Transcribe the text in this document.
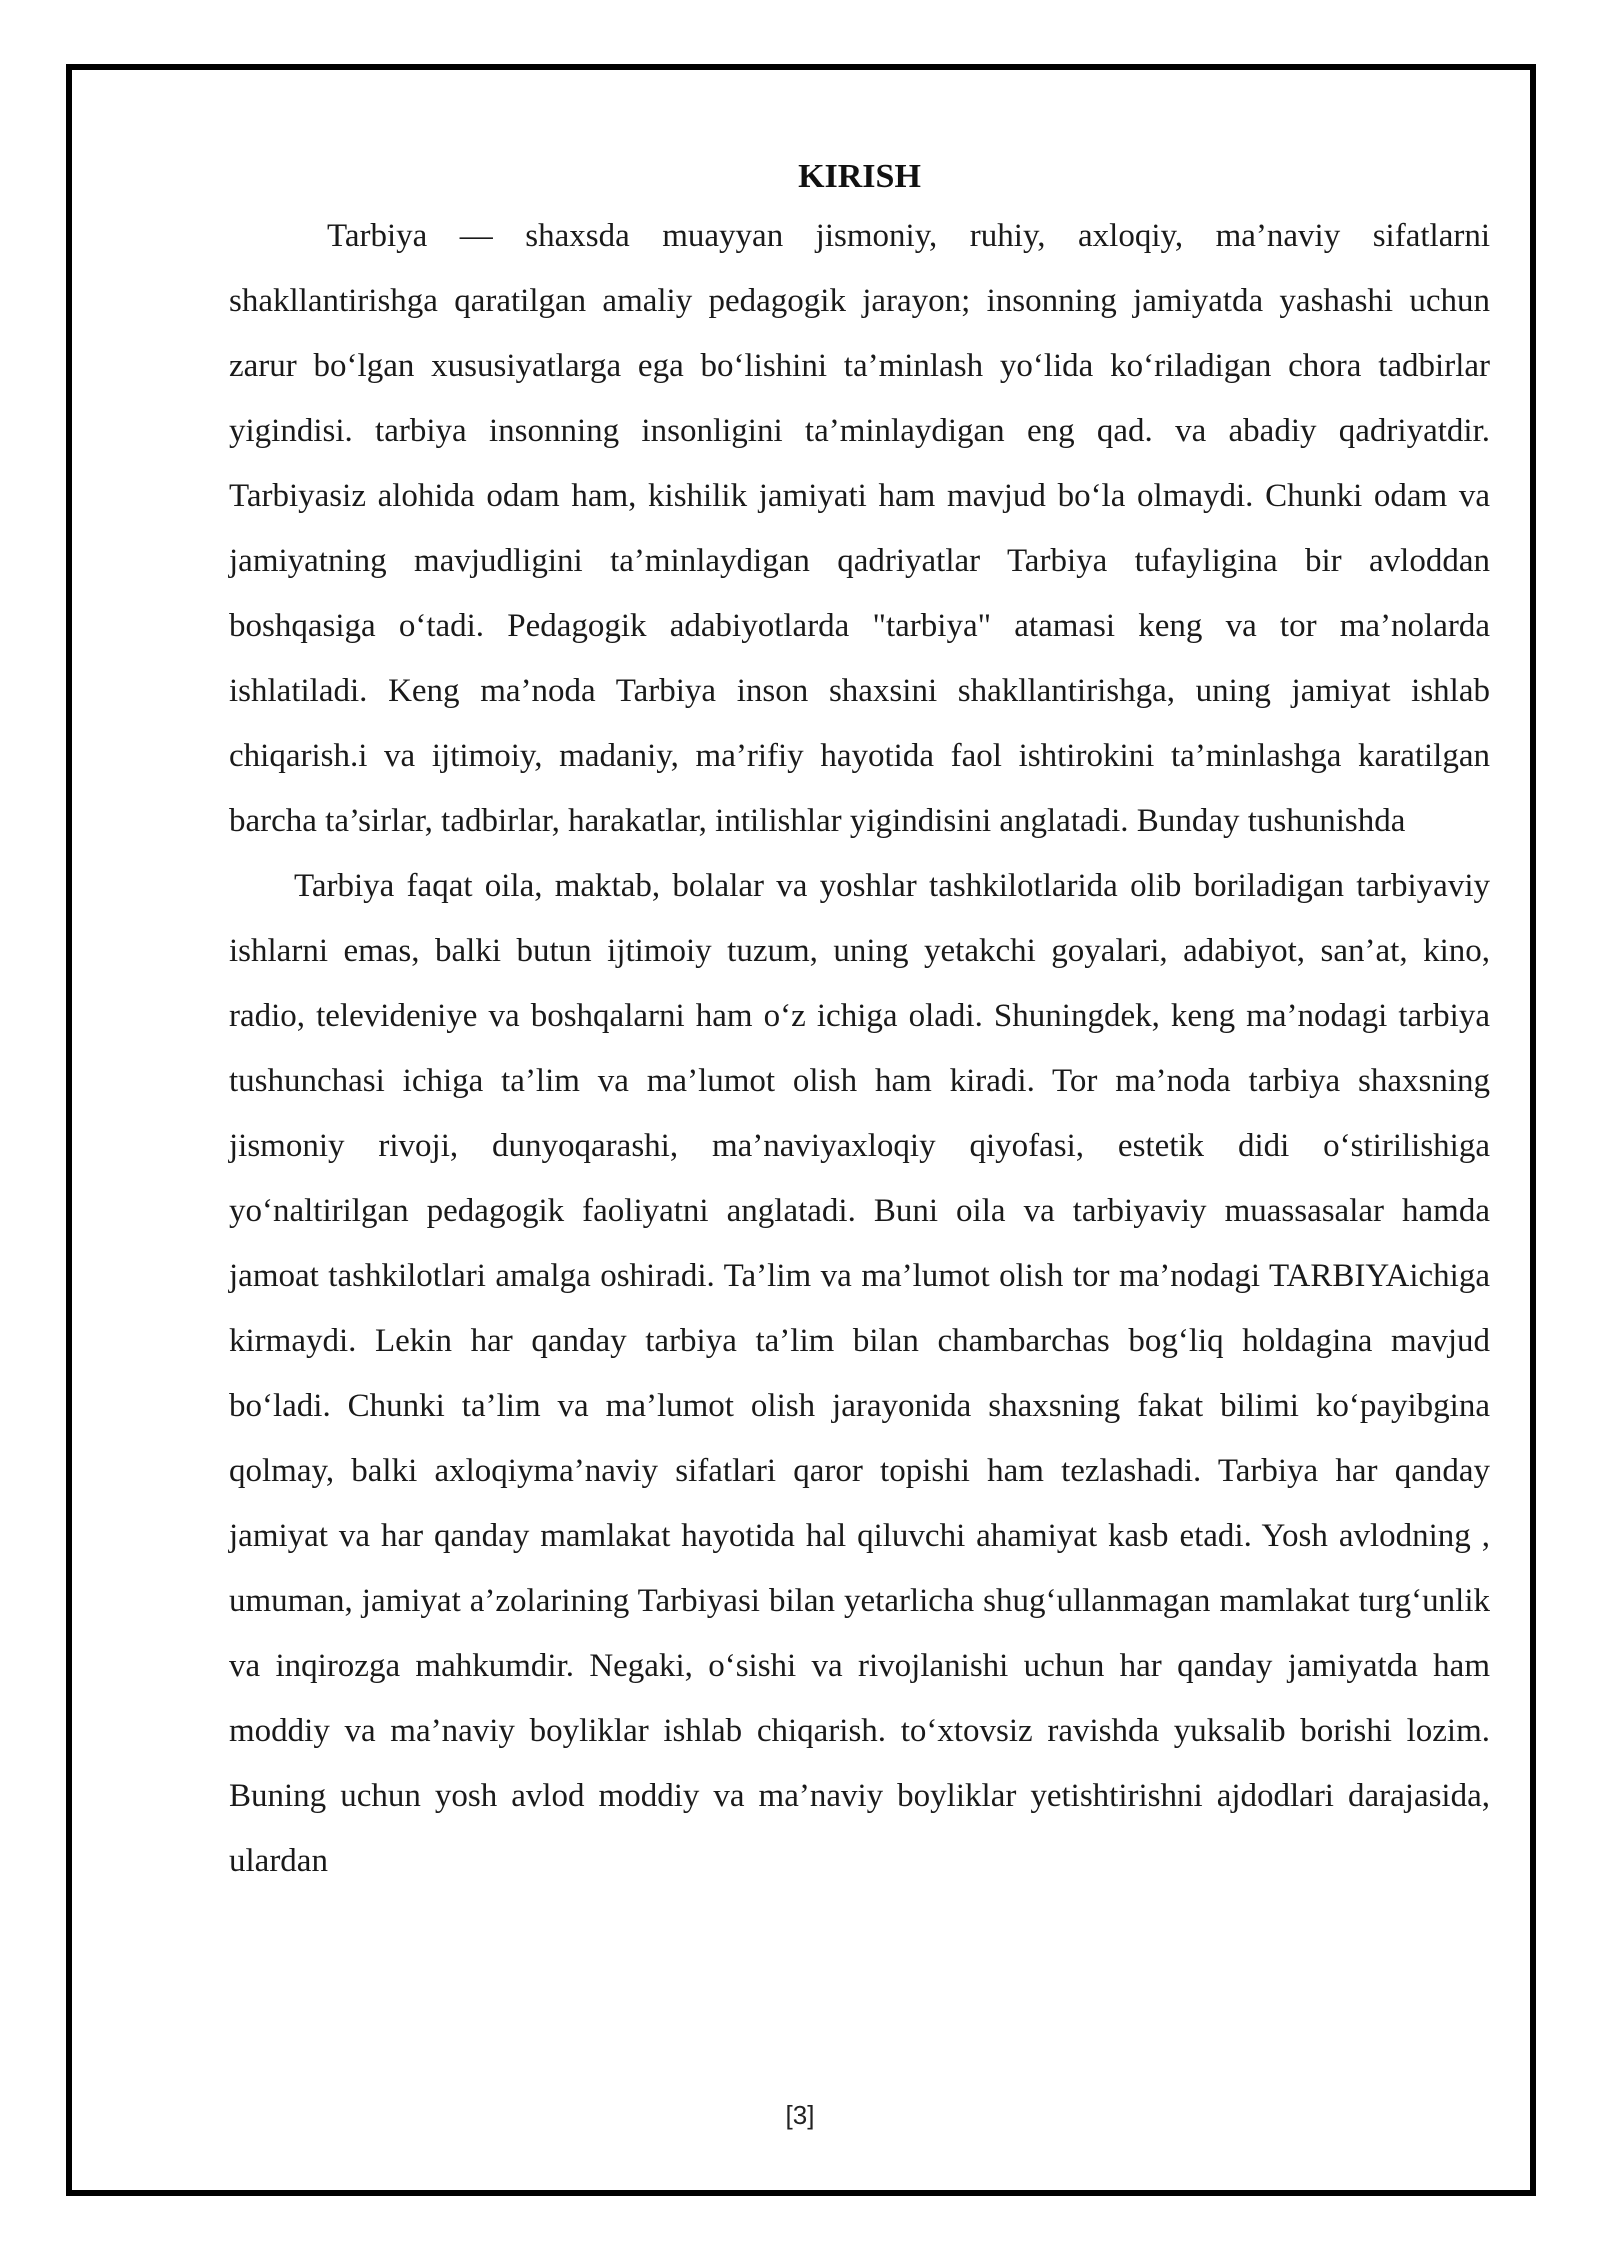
KIRISH

Tarbiya — shaxsda muayyan jismoniy, ruhiy, axloqiy, ma’naviy sifatlarni shakllantirishga qaratilgan amaliy pedagogik jarayon; insonning jamiyatda yashashi uchun zarur bo‘lgan xususiyatlarga ega bo‘lishini ta’minlash yo‘lida ko‘riladigan chora tadbirlar yigindisi. tarbiya insonning insonligini ta’minlaydigan eng qad. va abadiy qadriyatdir. Tarbiyasiz alohida odam ham, kishilik jamiyati ham mavjud bo‘la olmaydi. Chunki odam va jamiyatning mavjudligini ta’minlaydigan qadriyatlar Tarbiya tufayligina bir avloddan boshqasiga o‘tadi. Pedagogik adabiyotlarda "tarbiya" atamasi keng va tor ma’nolarda ishlatiladi. Keng ma’noda Tarbiya inson shaxsini shakllantirishga, uning jamiyat ishlab chiqarish.i va ijtimoiy, madaniy, ma’rifiy hayotida faol ishtirokini ta’minlashga karatilgan barcha ta’sirlar, tadbirlar, harakatlar, intilishlar yigindisini anglatadi. Bunday tushunishda

Tarbiya faqat oila, maktab, bolalar va yoshlar tashkilotlarida olib boriladigan tarbiyaviy ishlarni emas, balki butun ijtimoiy tuzum, uning yetakchi goyalari, adabiyot, san’at, kino, radio, televideniye va boshqalarni ham o‘z ichiga oladi. Shuningdek, keng ma’nodagi tarbiya tushunchasi ichiga ta’lim va ma’lumot olish ham kiradi. Tor ma’noda tarbiya shaxsning jismoniy rivoji, dunyoqarashi, ma’naviyaxloqiy qiyofasi, estetik didi o‘stirilishiga yo‘naltirilgan pedagogik faoliyatni anglatadi. Buni oila va tarbiyaviy muassasalar hamda jamoat tashkilotlari amalga oshiradi. Ta’lim va ma’lumot olish tor ma’nodagi TARBIYAichiga kirmaydi. Lekin har qanday tarbiya ta’lim bilan chambarchas bog‘liq holdagina mavjud bo‘ladi. Chunki ta’lim va ma’lumot olish jarayonida shaxsning fakat bilimi ko‘payibgina qolmay, balki axloqiyma’naviy sifatlari qaror topishi ham tezlashadi. Tarbiya har qanday jamiyat va har qanday mamlakat hayotida hal qiluvchi ahamiyat kasb etadi. Yosh avlodning , umuman, jamiyat a’zolarining Tarbiyasi bilan yetarlicha shug‘ullanmagan mamlakat turg‘unlik va inqirozga mahkumdir. Negaki, o‘sishi va rivojlanishi uchun har qanday jamiyatda ham moddiy va ma’naviy boyliklar ishlab chiqarish. to‘xtovsiz ravishda yuksalib borishi lozim. Buning uchun yosh avlod moddiy va ma’naviy boyliklar yetishtirishni ajdodlari darajasida, ulardan

[3]
